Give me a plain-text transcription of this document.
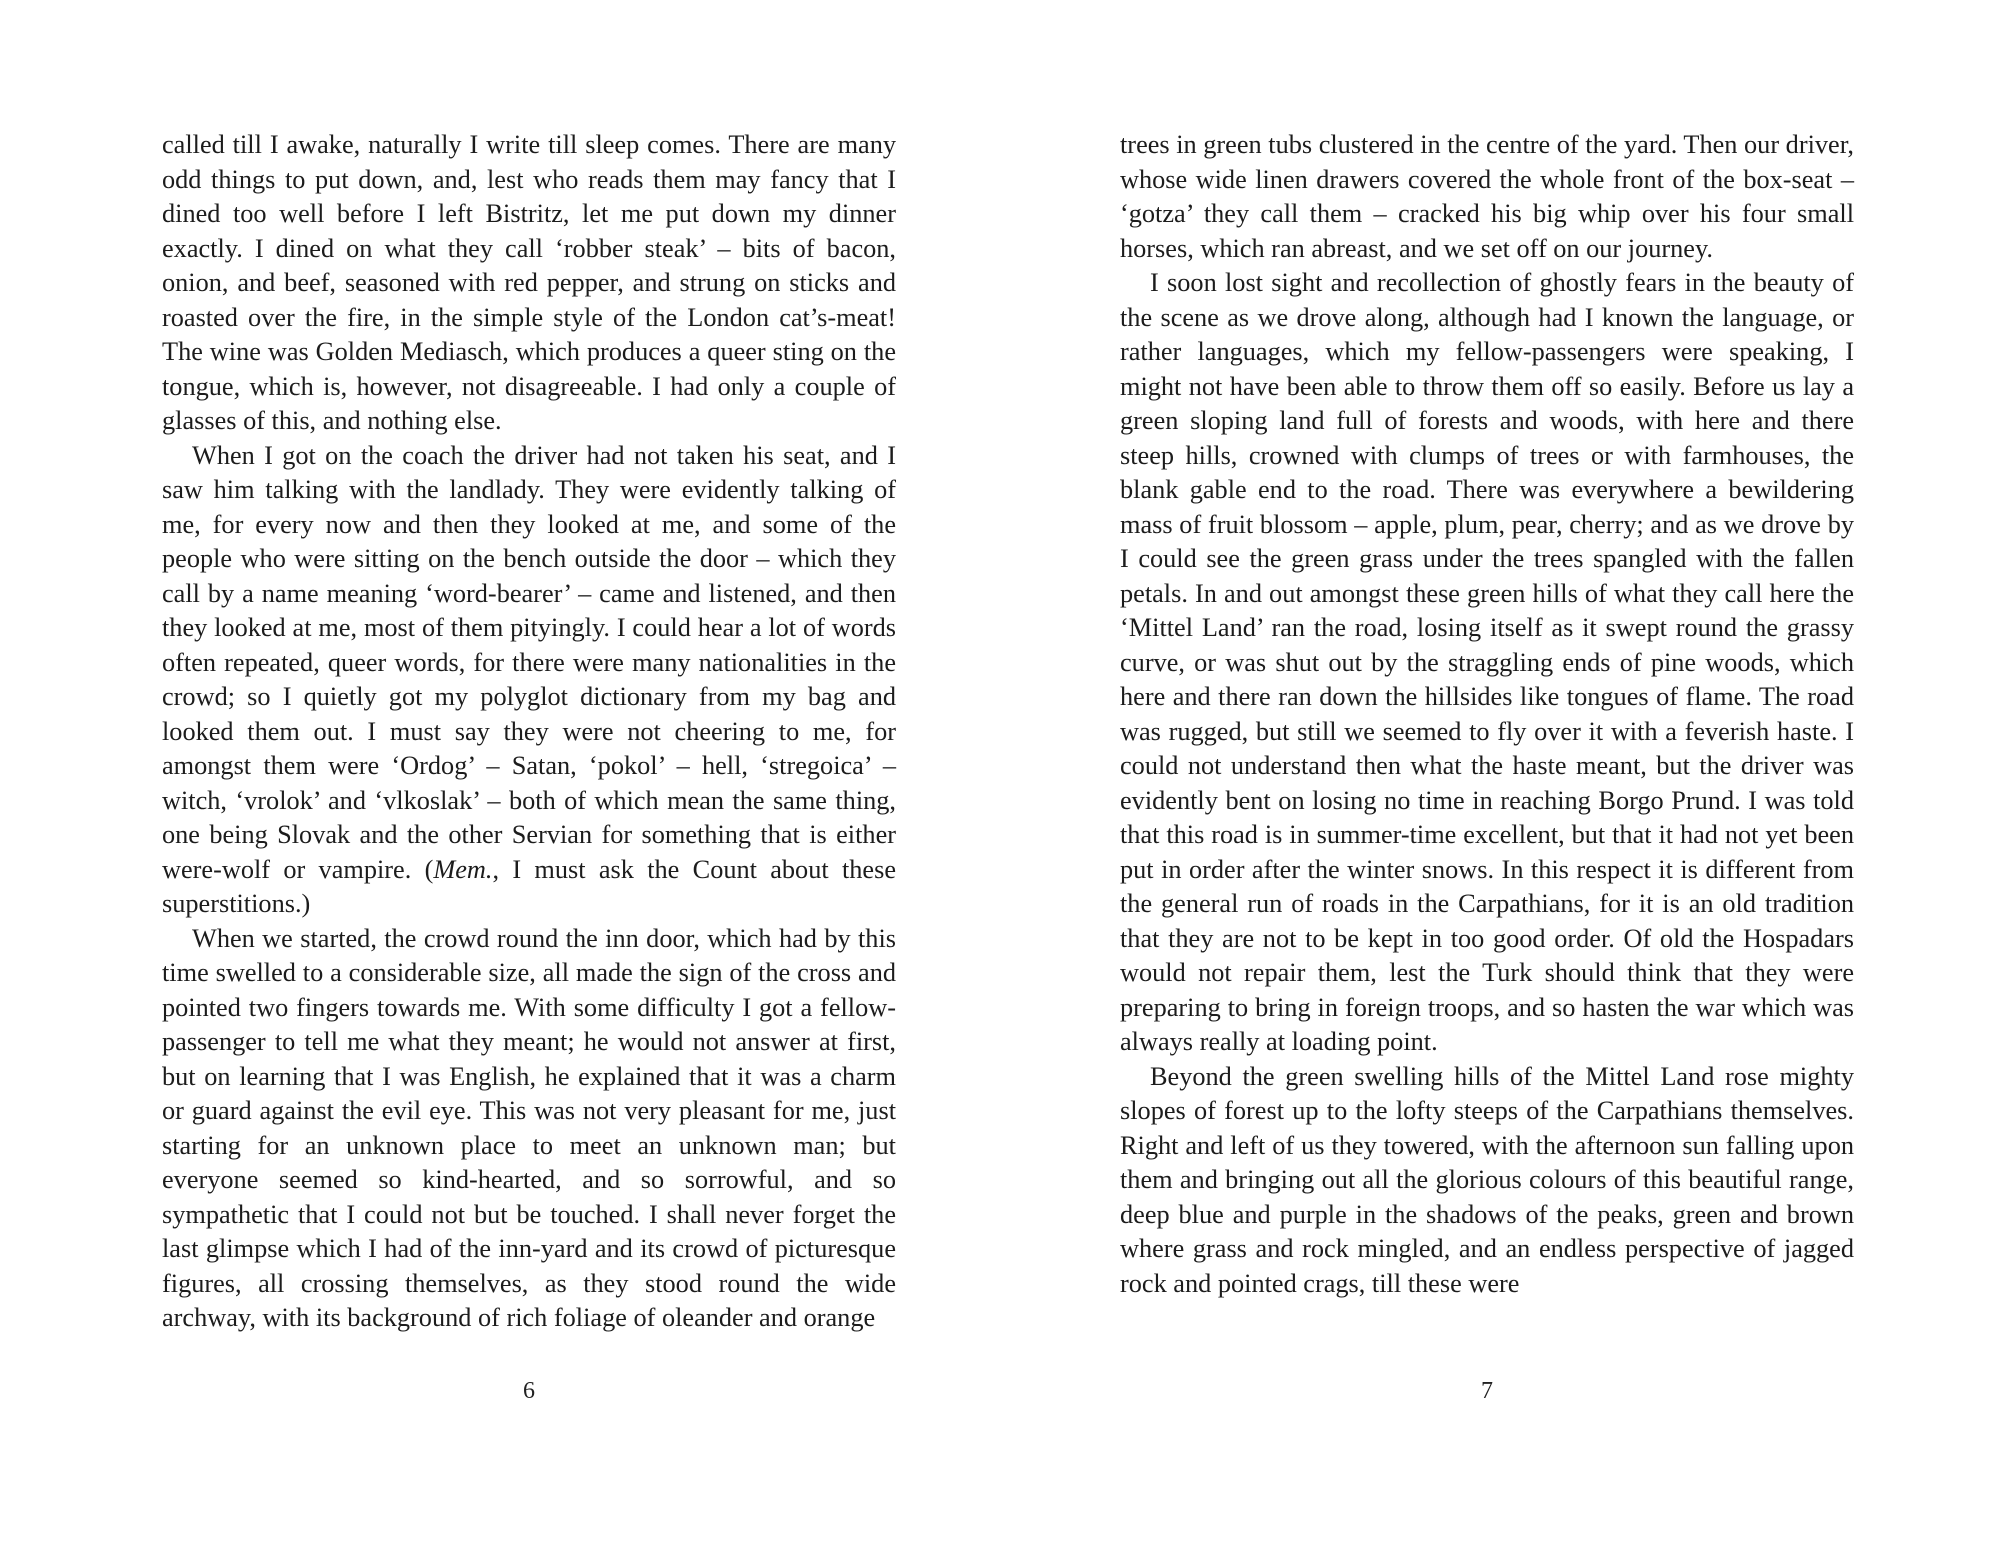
called till I awake, naturally I write till sleep comes. There are many odd things to put down, and, lest who reads them may fancy that I dined too well before I left Bistritz, let me put down my dinner exactly. I dined on what they call ‘robber steak’ – bits of bacon, onion, and beef, seasoned with red pepper, and strung on sticks and roasted over the fire, in the simple style of the London cat’s-meat! The wine was Golden Mediasch, which produces a queer sting on the tongue, which is, however, not disagreeable. I had only a couple of glasses of this, and nothing else.

When I got on the coach the driver had not taken his seat, and I saw him talking with the landlady. They were evidently talking of me, for every now and then they looked at me, and some of the people who were sitting on the bench outside the door – which they call by a name meaning ‘word-bearer’ – came and listened, and then they looked at me, most of them pityingly. I could hear a lot of words often repeated, queer words, for there were many nationalities in the crowd; so I quietly got my polyglot dictionary from my bag and looked them out. I must say they were not cheering to me, for amongst them were ‘Ordog’ – Satan, ‘pokol’ – hell, ‘stregoica’ – witch, ‘vrolok’ and ‘vlkoslak’ – both of which mean the same thing, one being Slovak and the other Servian for something that is either were-wolf or vampire. (Mem., I must ask the Count about these superstitions.)

When we started, the crowd round the inn door, which had by this time swelled to a considerable size, all made the sign of the cross and pointed two fingers towards me. With some difficulty I got a fellow-passenger to tell me what they meant; he would not answer at first, but on learning that I was English, he explained that it was a charm or guard against the evil eye. This was not very pleasant for me, just starting for an unknown place to meet an unknown man; but everyone seemed so kind-hearted, and so sorrowful, and so sympathetic that I could not but be touched. I shall never forget the last glimpse which I had of the inn-yard and its crowd of picturesque figures, all crossing themselves, as they stood round the wide archway, with its background of rich foliage of oleander and orange

6

trees in green tubs clustered in the centre of the yard. Then our driver, whose wide linen drawers covered the whole front of the box-seat – ‘gotza’ they call them – cracked his big whip over his four small horses, which ran abreast, and we set off on our journey.

I soon lost sight and recollection of ghostly fears in the beauty of the scene as we drove along, although had I known the language, or rather languages, which my fellow-passengers were speaking, I might not have been able to throw them off so easily. Before us lay a green sloping land full of forests and woods, with here and there steep hills, crowned with clumps of trees or with farmhouses, the blank gable end to the road. There was everywhere a bewildering mass of fruit blossom – apple, plum, pear, cherry; and as we drove by I could see the green grass under the trees spangled with the fallen petals. In and out amongst these green hills of what they call here the ‘Mittel Land’ ran the road, losing itself as it swept round the grassy curve, or was shut out by the straggling ends of pine woods, which here and there ran down the hillsides like tongues of flame. The road was rugged, but still we seemed to fly over it with a feverish haste. I could not understand then what the haste meant, but the driver was evidently bent on losing no time in reaching Borgo Prund. I was told that this road is in summer-time excellent, but that it had not yet been put in order after the winter snows. In this respect it is different from the general run of roads in the Carpathians, for it is an old tradition that they are not to be kept in too good order. Of old the Hospadars would not repair them, lest the Turk should think that they were preparing to bring in foreign troops, and so hasten the war which was always really at loading point.

Beyond the green swelling hills of the Mittel Land rose mighty slopes of forest up to the lofty steeps of the Carpathians themselves. Right and left of us they towered, with the afternoon sun falling upon them and bringing out all the glorious colours of this beautiful range, deep blue and purple in the shadows of the peaks, green and brown where grass and rock mingled, and an endless perspective of jagged rock and pointed crags, till these were

7
